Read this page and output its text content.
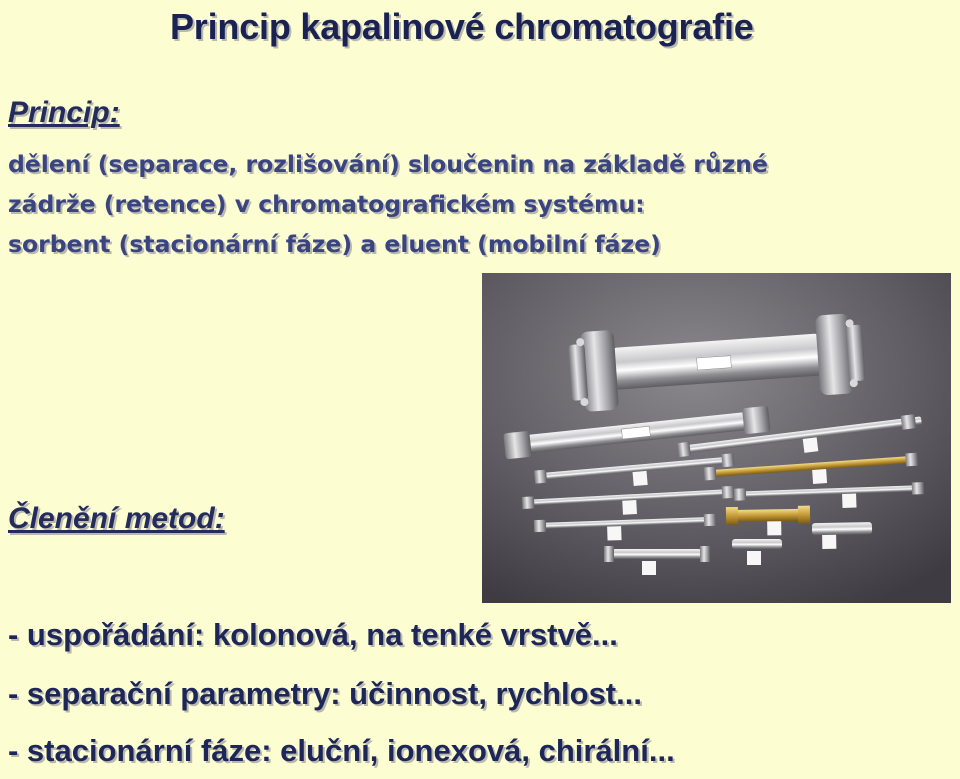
Princip kapalinové chromatografie
Princip:
dělení (separace, rozlišování) sloučenin na základě různé
zádrže (retence) v chromatografickém systému:
sorbent (stacionární fáze) a eluent (mobilní fáze)
Členění metod:
- uspořádání: kolonová, na tenké vrstvě...
- separační parametry: účinnost, rychlost...
- stacionární fáze: eluční, ionexová, chirální...
